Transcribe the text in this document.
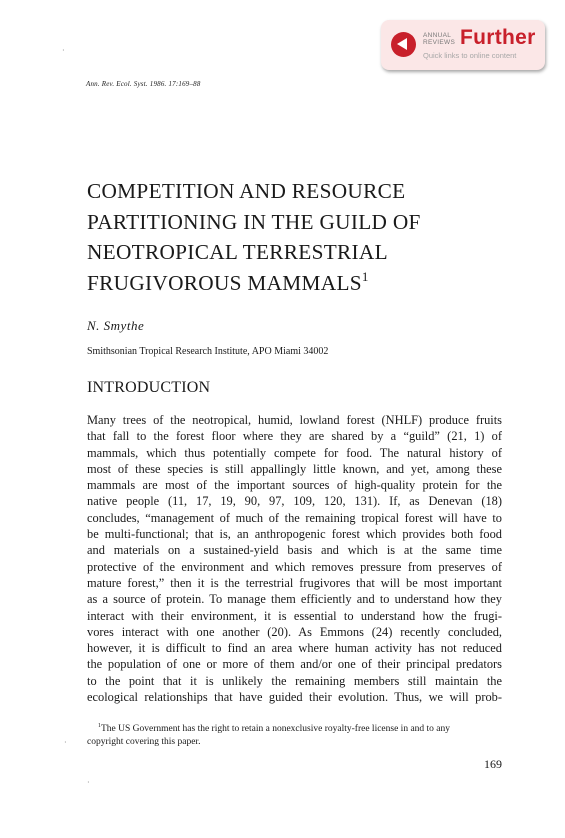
ANNUAL REVIEWS Further
Quick links to online content
·
·
·
Ann. Rev. Ecol. Syst. 1986. 17:169–88
COMPETITION AND RESOURCE
PARTITIONING IN THE GUILD OF
NEOTROPICAL TERRESTRIAL
FRUGIVOROUS MAMMALS$^1$
N. Smythe
Smithsonian Tropical Research Institute, APO Miami 34002
INTRODUCTION
Many trees of the neotropical, humid, lowland forest (NHLF) produce fruits
that fall to the forest floor where they are shared by a “guild” (21, 1) of
mammals, which thus potentially compete for food. The natural history of
most of these species is still appallingly little known, and yet, among these
mammals are most of the important sources of high-quality protein for the
native people (11, 17, 19, 90, 97, 109, 120, 131). If, as Denevan (18)
concludes, “management of much of the remaining tropical forest will have to
be multi-functional; that is, an anthropogenic forest which provides both food
and materials on a sustained-yield basis and which is at the same time
protective of the environment and which removes pressure from preserves of
mature forest,” then it is the terrestrial frugivores that will be most important
as a source of protein. To manage them efficiently and to understand how they
interact with their environment, it is essential to understand how the frugi-
vores interact with one another (20). As Emmons (24) recently concluded,
however, it is difficult to find an area where human activity has not reduced
the population of one or more of them and/or one of their principal predators
to the point that it is unlikely the remaining members still maintain the
ecological relationships that have guided their evolution. Thus, we will prob-
$^1$The US Government has the right to retain a nonexclusive royalty-free license in and to any
copyright covering this paper.
169
